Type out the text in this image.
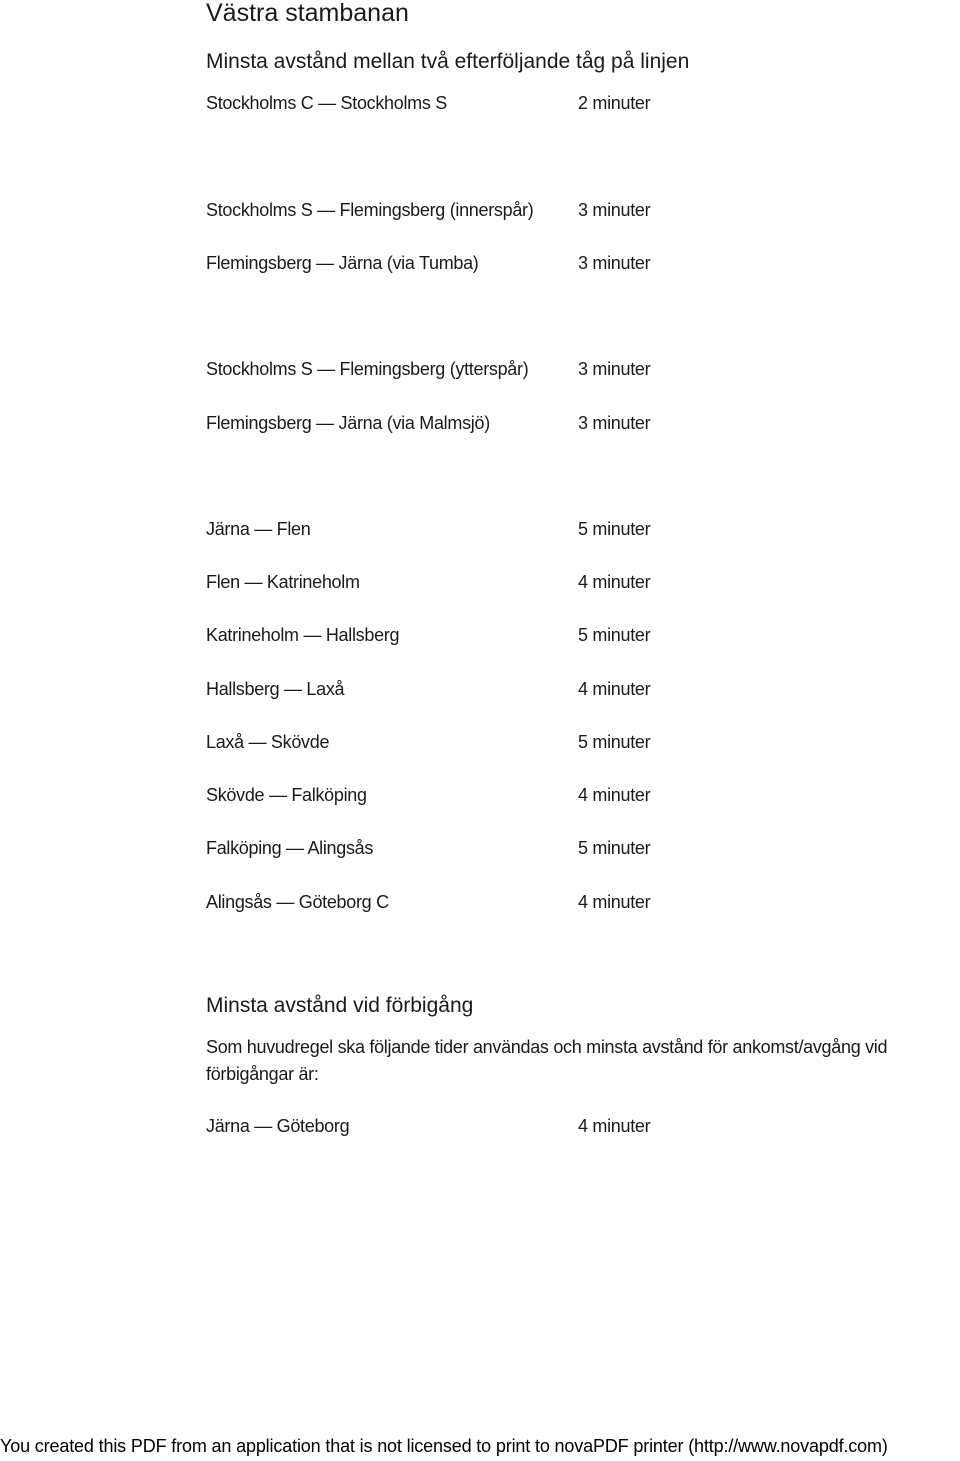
Västra stambanan
Minsta avstånd mellan två efterföljande tåg på linjen
Stockholms C — Stockholms S	2 minuter
Stockholms S — Flemingsberg (innerspår) 3 minuter
Flemingsberg — Järna (via Tumba)	3 minuter
Stockholms S — Flemingsberg (ytterspår)	3 minuter
Flemingsberg — Järna (via Malmsjö)	3 minuter
Järna — Flen	5 minuter
Flen — Katrineholm	4 minuter
Katrineholm — Hallsberg	5 minuter
Hallsberg — Laxå	4 minuter
Laxå — Skövde	5 minuter
Skövde — Falköping	4 minuter
Falköping — Alingsås	5 minuter
Alingsås — Göteborg C	4 minuter
Minsta avstånd vid förbigång
Som huvudregel ska följande tider användas och minsta avstånd för ankomst/avgång vid förbigångar är:
Järna — Göteborg	4 minuter
You created this PDF from an application that is not licensed to print to novaPDF printer (http://www.novapdf.com)
